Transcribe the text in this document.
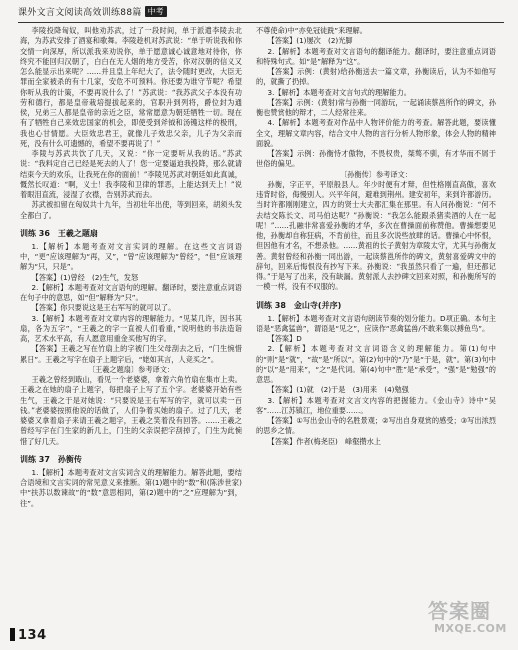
课外文言文阅读高效训练88篇 中考

李陵投降匈奴，叫他劝苏武，过了一段时间，单于派遣李陵去北海，为苏武安排了酒宴和歌舞。李陵趁机对苏武说：“单于听说我和你交情一向深厚，所以派我来劝说你，单于愿意诚心诚意地对待你，你终究不能回归汉朝了，白白在无人烟的地方受苦，你对汉朝的信义又怎么能显示出来呢？……并且皇上年纪大了，法令随时更改，大臣无罪而全家被杀的有十几家，安危不可预料。你还要为谁守节呢？希望你听从我的计策，不要再说什么了！”苏武说：“我苏武父子本没有功劳和德行，都是皇帝栽培提拔起来的，官职升到列将，爵位封为通侯，兄弟三人都是皇帝的亲近之臣，常常愿意为朝廷牺牲一切。现在有了牺牲自己来效忠国家的机会，即使受到斧钺和汤镬这样的极刑，我也心甘情愿。大臣效忠君王，就像儿子效忠父亲，儿子为父亲而死，没有什么可遗憾的，希望不要再说了！”

李陵与苏武共饮了几天，又说：“你一定要听从我的话。”苏武说：“我料定自己已经是死去的人了！您一定要逼迫我投降，那么就请结束今天的欢乐，让我死在你的面前！”李陵见苏武对朝廷如此真诚，慨然长叹道：“啊，义士！我李陵和卫律的罪恶，上能达到天上！”说着眼泪直流，浸湿了衣襟，告别苏武而去。

苏武被扣留在匈奴共十九年，当初壮年出使，等到回来，胡须头发全都白了。

训练 36　王羲之题扇

1.【解析】本题考查对文言实词的理解。在这些文言词语中，“更”应该理解为“再，又”，“曾”应该理解为“曾经”，“但”应该理解为“只，只是”。

【答案】(1)曾经　(2)生气，发怒

2.【解析】本题考查对文言语句的理解。翻译时，要注意重点词语在句子中的意思，如“但”解释为“只”。

【答案】你只要说这是王右军写的就可以了。

3.【解析】本题考查对文章内容的理解能力。“见某几许，因书其扇，各为五字”，“王羲之的字一直被人们看重，”说明他的书法造诣高，艺术水平高，有人愿意用重金买他写的字。

【答案】王羲之写在竹扇上的字被门生父母刮去之后，“门生惋惜累日”。王羲之写字在扇子上题字后，“姥如其言，人竞买之”。

〔王羲之题扇〕参考译文：

王羲之曾经到戢山，看见一个老婆婆，拿着六角竹扇在集市上卖。王羲之在她的扇子上题字，每把扇子上写了五个字。老婆婆开始有些生气，王羲之于是对她说：“只要说是王右军写的字，就可以卖一百钱。”老婆婆按照他说的话做了，人们争着买她的扇子。过了几天，老婆婆又拿着扇子来请王羲之题字，王羲之笑着没有回答。……王羲之曾经写字在门生家的新几上，门生的父亲误把字刮掉了，门生为此惋惜了好几天。

训练 37　孙衡传

1.【解析】本题考查对文言实词含义的理解能力。解答此题，要结合语境和文言实词的常见意义来推断。第(1)题中的“数”和(陈涉世家)中“扶苏以数谏故”的“数”意思相同，第(2)题中的“之”应理解为“到，往”。

不尊使命)中“亦免冠徒跣”来理解。

【答案】(1)屡次　(2)光脚

2.【解析】本题考查对文言语句的翻译能力。翻译时，要注意重点词语和特殊句式。如“是”解释为“这”。

【答案】示例：(黄射)给孙衡送去一篇文章，孙衡读后，认为不如他写的，就撕了扔掉。

3.【解析】本题考查对文言句式的理解能力。

【答案】示例：(黄射)常与孙衡一同游玩，一起诵读蔡邕所作的碑文，孙衡也赞赏他的辩才，二人经常往来。

4.【解析】本题考查对作品中人物评价能力的考查。解答此题，要读懂全文，理解文章内容，结合文中人物的言行分析人物形象，体会人物的精神面貌。

【答案】示例：孙衡恃才傲物，不畏权贵，桀骜不驯，有才华而不屑于世俗的偏见。

〔孙衡传〕参考译文：

孙衡，字正平，平原般县人。年少时便有才辩，但性格刚直高傲，喜欢违背时俗，侮慢别人。兴平年间，避难到荆州。建安初年，来到许都游历。当时许都刚刚建立，四方的贤士大夫都汇集在那里。有人问孙衡说：“何不去结交陈长文、司马伯达呢？”孙衡说：“我怎么能跟杀猪卖酒的人在一起呢！”……孔融非常喜爱孙衡的才华，多次在曹操面前称赞他。曹操想要见他，孙衡却自称狂病，不肯前往，而且多次说些放肆的话。曹操心中怀恨，但因他有才名，不想杀他。……黄祖的长子黄射为章陵太守，尤其与孙衡友善。黄射曾经和孙衡一同出游，一起读蔡邕所作的碑文，黄射喜爱碑文中的辞句，回来后悔恨没有抄写下来。孙衡说：“我虽然只看了一遍，但还都记得。”于是写了出来，没有缺漏。黄射派人去抄碑文回来对照，和孙衡所写的一模一样，没有不叹服的。

训练 38　金山寺(并序)

1.【解析】本题考查对文言语句朗读节奏的划分能力。D项正确。本句主语是“恶禽猛兽”，谓语是“见之”，应读作“恶禽猛兽/不敢来集以搏鱼鸟”。

【答案】D

2.【解析】本题考查对文言词语含义的理解能力。第(1)句中的“则”是“就”，“故”是“所以”。第(2)句中的“乃”是“于是，就”。第(3)句中的“以”是“用来”，“之”是代词。第(4)句中“胜”是“承受”，“强”是“勉强”的意思。

【答案】(1)就　(2)于是　(3)用来　(4)勉强

3.【解析】本题考查对文言文内容的把握能力。《金山寺》诗中“吴客”……江苏镇江，地位重要……。

【答案】①写出金山寺的名胜景观；②写出自身观赏的感受；③写出浓烈的思乡之情。

【答案】作者(梅尧臣)　峰壑攒水上

134
答案圈
MXQE.COM
